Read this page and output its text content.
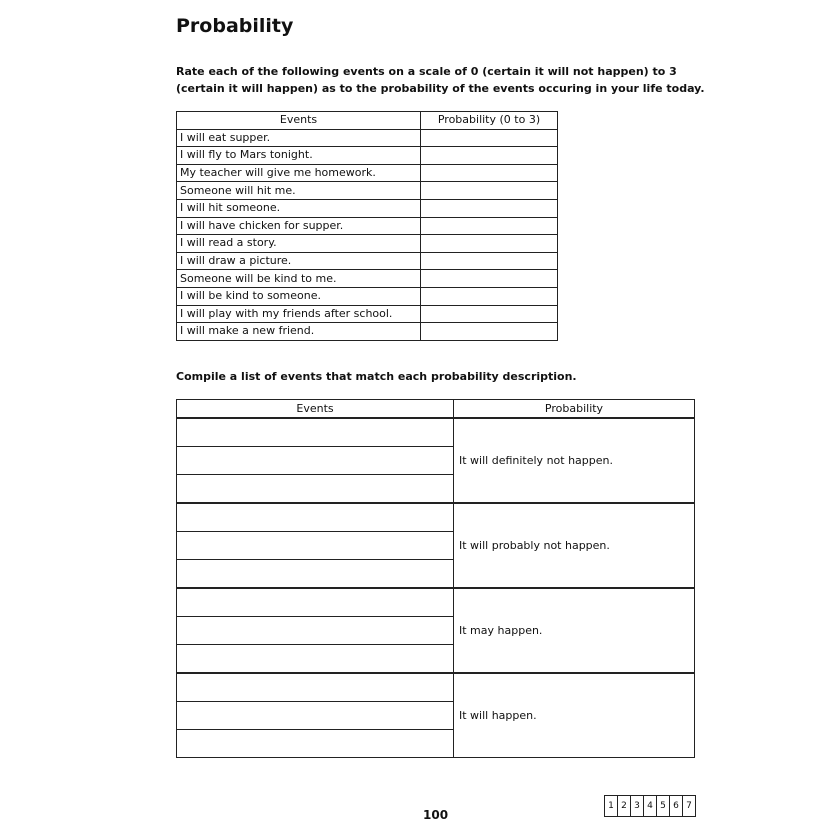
Probability

Rate each of the following events on a scale of 0 (certain it will not happen) to 3 (certain it will happen) as to the probability of the events occuring in your life today.

Events	Probability (0 to 3)
I will eat supper.	
I will fly to Mars tonight.	
My teacher will give me homework.	
Someone will hit me.	
I will hit someone.	
I will have chicken for supper.	
I will read a story.	
I will draw a picture.	
Someone will be kind to me.	
I will be kind to someone.	
I will play with my friends after school.	
I will make a new friend.	

Compile a list of events that match each probability description.

Events	Probability
	It will definitely not happen.

	It will probably not happen.

	It may happen.

	It will happen.

100
1 2 3 4 5 6 7
